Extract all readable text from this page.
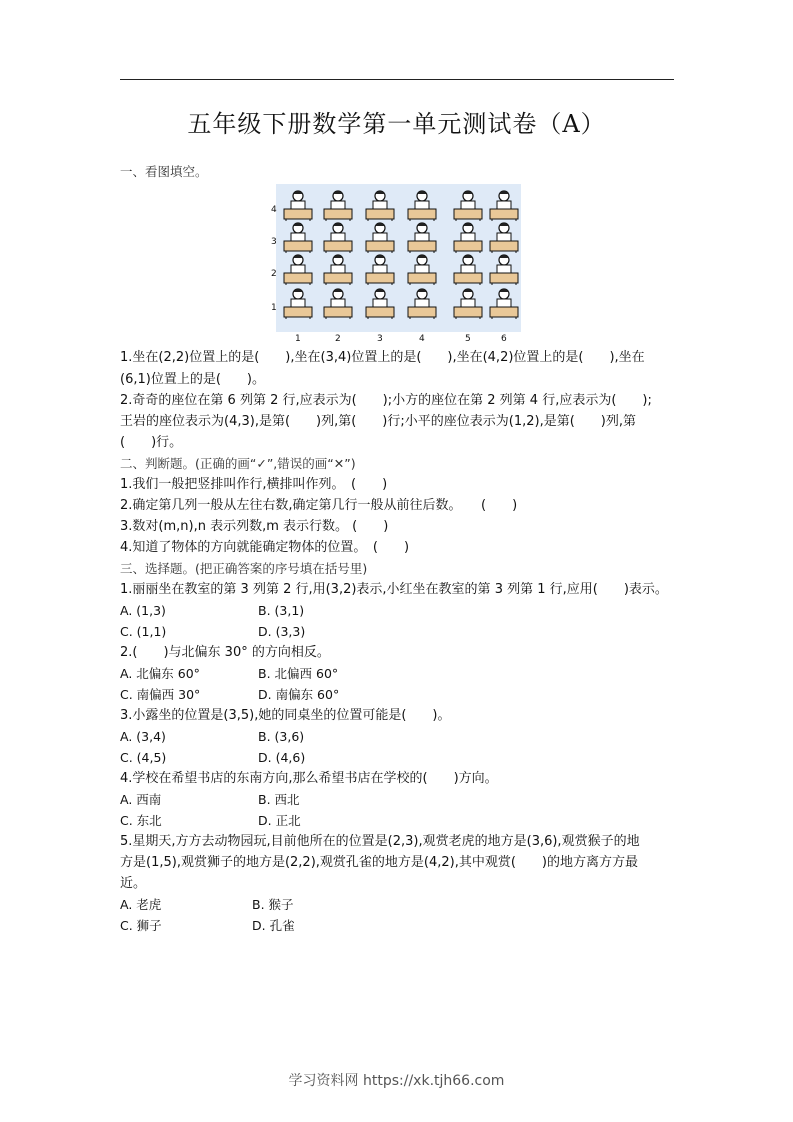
五年级下册数学第一单元测试卷（A）
一、看图填空。
4
3
2
1
1	2	3	4	5	6
1.坐在(2,2)位置上的是(　　),坐在(3,4)位置上的是(　　),坐在(4,2)位置上的是(　　),坐在
(6,1)位置上的是(　　)。
2.奇奇的座位在第 6 列第 2 行,应表示为(　　);小方的座位在第 2 列第 4 行,应表示为(　　);
王岩的座位表示为(4,3),是第(　　)列,第(　　)行;小平的座位表示为(1,2),是第(　　)列,第
(　　)行。
二、判断题。(正确的画“✓”,错误的画“✕”)
1.我们一般把竖排叫作行,横排叫作列。　(　　)
2.确定第几列一般从左往右数,确定第几行一般从前往后数。　　(　　)
3.数对(m,n),n 表示列数,m 表示行数。 (　　)
4.知道了物体的方向就能确定物体的位置。　(　　)
三、选择题。(把正确答案的序号填在括号里)
1.丽丽坐在教室的第 3 列第 2 行,用(3,2)表示,小红坐在教室的第 3 列第 1 行,应用(　　)表示。
A. (1,3)	B. (3,1)
C. (1,1)	D. (3,3)
2.(　　)与北偏东 30° 的方向相反。
A. 北偏东 60°	B. 北偏西 60°
C. 南偏西 30°	D. 南偏东 60°
3.小露坐的位置是(3,5),她的同桌坐的位置可能是(　　)。
A. (3,4)	B. (3,6)
C. (4,5)	D. (4,6)
4.学校在希望书店的东南方向,那么希望书店在学校的(　　)方向。
A. 西南	B. 西北
C. 东北	D. 正北
5.星期天,方方去动物园玩,目前他所在的位置是(2,3),观赏老虎的地方是(3,6),观赏猴子的地
方是(1,5),观赏狮子的地方是(2,2),观赏孔雀的地方是(4,2),其中观赏(　　)的地方离方方最
近。
A. 老虎	B. 猴子
C. 狮子	D. 孔雀
学习资料网 https://xk.tjh66.com
